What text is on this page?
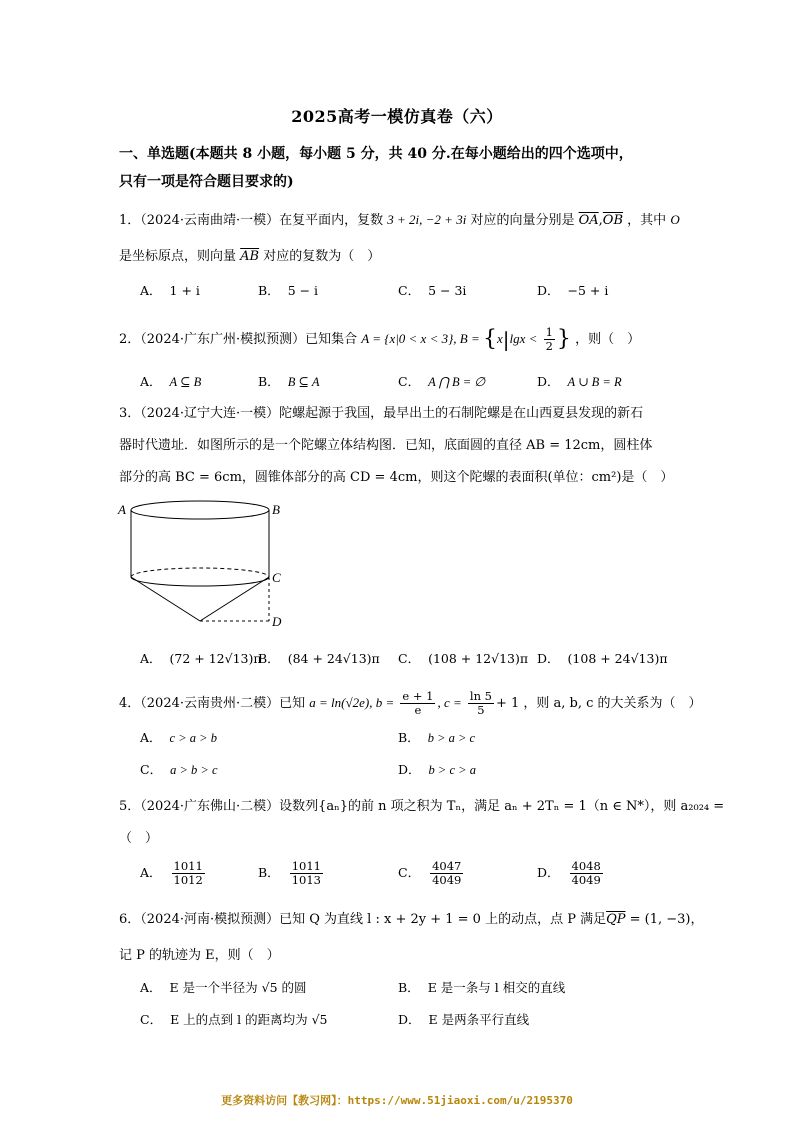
2025高考一模仿真卷（六）
一、单选题(本题共 8 小题，每小题 5 分，共 40 分.在每小题给出的四个选项中，
只有一项是符合题目要求的)
1．（2024·云南曲靖·一模）在复平面内，复数 3 + 2i, −2 + 3i 对应的向量分别是 $\overline{OA},\overline{OB}$ ，其中 O
是坐标原点，则向量 $\overline{AB}$ 对应的复数为（　）
A． 1 + i	B． 5 − i	C． 5 − 3i	D． −5 + i
2．（2024·广东广州·模拟预测）已知集合 A = {x|0 < x < 3}, $B = \{x|\lg x < \frac{1}{2}$ } ，则（　）
A． A ⊆ B	B． B ⊆ A	C． A ⋂ B = ∅	D． A ∪ B = R
3．（2024·辽宁大连·一模）陀螺起源于我国，最早出土的石制陀螺是在山西夏县发现的新石
器时代遗址．如图所示的是一个陀螺立体结构图．已知，底面圆的直径 AB = 12cm，圆柱体
部分的高 BC = 6cm，圆锥体部分的高 CD = 4cm，则这个陀螺的表面积(单位：cm²)是（　）
A	B
C
D
A． (72 + 12√13)π
B． (84 + 24√13)π C． (108 + 12√13)π D． (108 + 24√13)π
4．（2024·云南贵州·二模）已知 a = ln(√2e), $b = \frac{e + 1}{e}$ , $c = \frac{\ln 5}{5} + 1$ ，则 a, b, c 的大关系为（　）
A． c > a > b	B． b > a > c
C． a > b > c	D． b > c > a
5．（2024·广东佛山·二模）设数列{aₙ}的前 n 项之积为 Tₙ，满足 aₙ + 2Tₙ = 1（n ∈ N*），则 a₂₀₂₄ =
（　）
A． $\frac{1011}{1012}$	B． $\frac{1011}{1013}$	C． $\frac{4047}{4049}$	D． $\frac{4048}{4049}$
6．（2024·河南·模拟预测）已知 Q 为直线 l : x + 2y + 1 = 0 上的动点，点 P 满足$\overline{QP} = (1$, −3)，
记 P 的轨迹为 E，则（　）
A． E 是一个半径为 √5 的圆	B． E 是一条与 l 相交的直线
C． E 上的点到 l 的距离均为 √5	D． E 是两条平行直线
更多资料访问【教习网】：https://www.51jiaoxi.com/u/2195370
